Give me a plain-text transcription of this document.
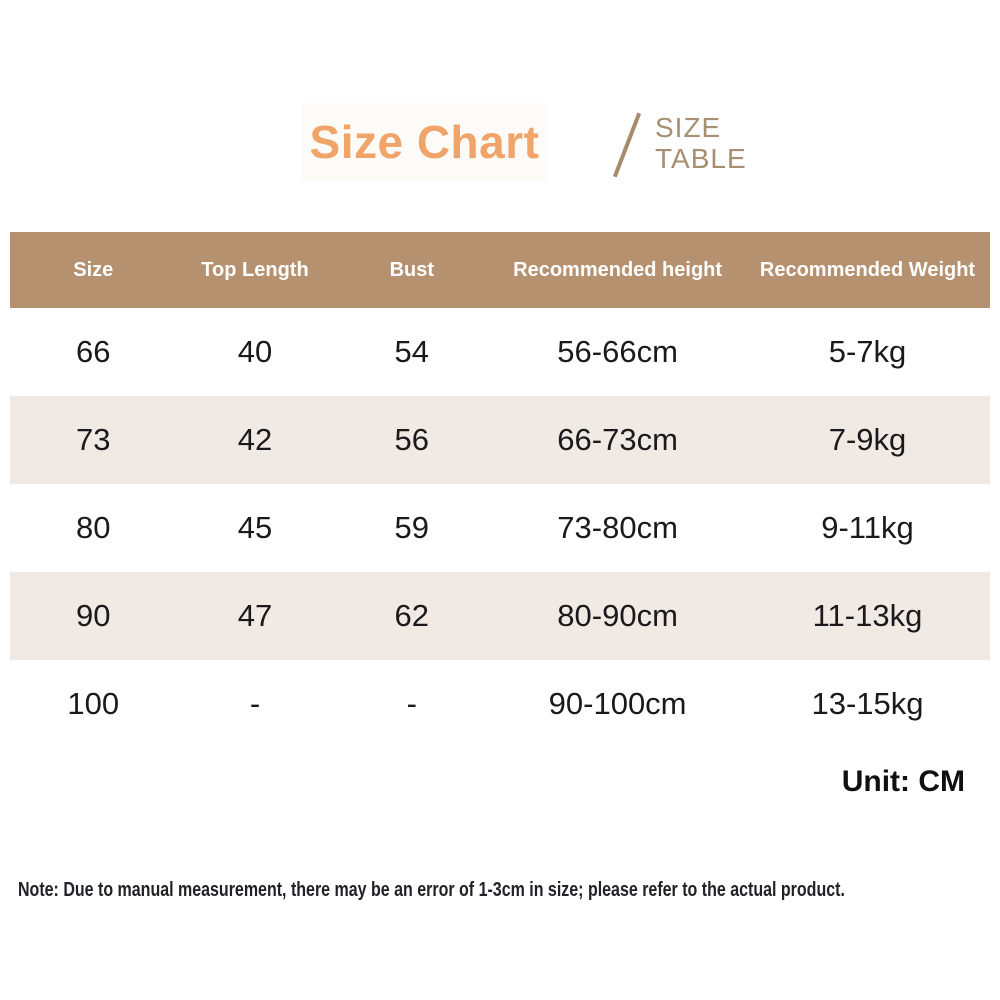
Size Chart	SIZE
TABLE
Size	Top Length	Bust	Recommended height	Recommended Weight
66	40	54	56-66cm	5-7kg
73	42	56	66-73cm	7-9kg
80	45	59	73-80cm	9-11kg
90	47	62	80-90cm	11-13kg
100	-	-	90-100cm	13-15kg
Unit: CM
Note: Due to manual measurement, there may be an error of 1-3cm in size; please refer to the actual product.
